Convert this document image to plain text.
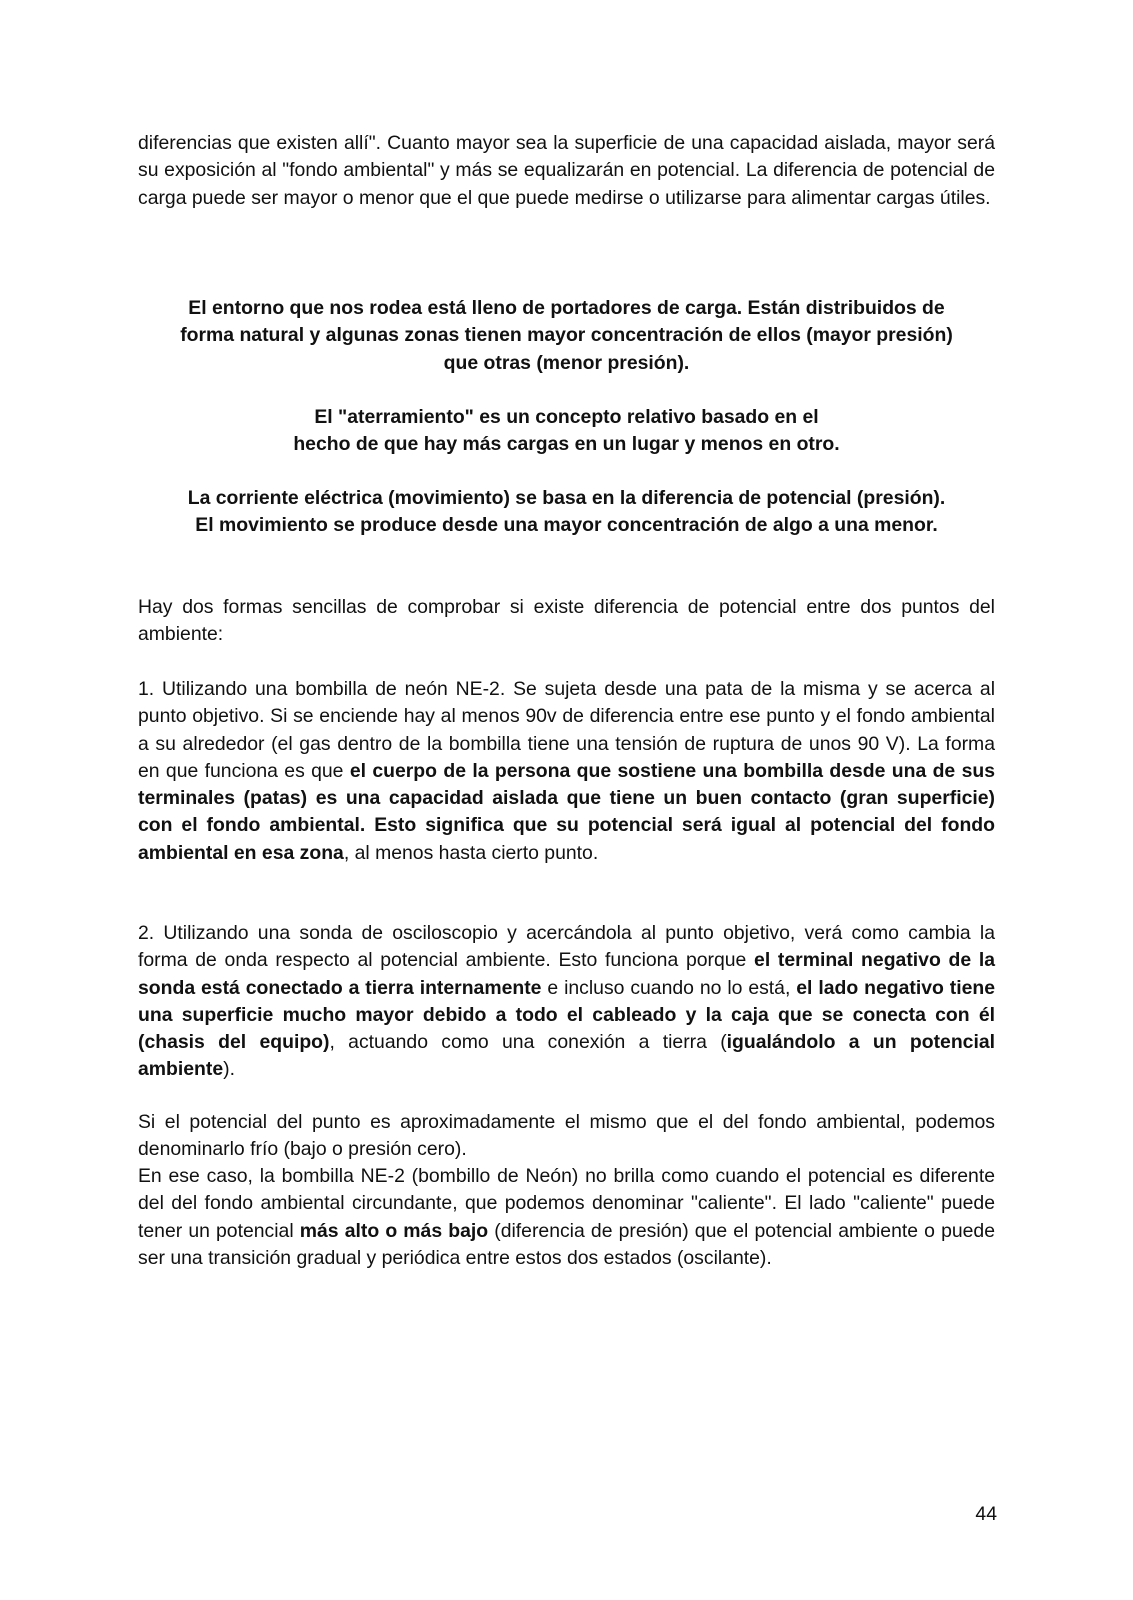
diferencias que existen allí". Cuanto mayor sea la superficie de una capacidad aislada, mayor será su exposición al "fondo ambiental" y más se equalizarán en potencial. La diferencia de potencial de carga puede ser mayor o menor que el que puede medirse o utilizarse para alimentar cargas útiles.

El entorno que nos rodea está lleno de portadores de carga. Están distribuidos de
forma natural y algunas zonas tienen mayor concentración de ellos (mayor presión)
que otras (menor presión).
El "aterramiento" es un concepto relativo basado en el
hecho de que hay más cargas en un lugar y menos en otro.
La corriente eléctrica (movimiento) se basa en la diferencia de potencial (presión).
El movimiento se produce desde una mayor concentración de algo a una menor.

Hay dos formas sencillas de comprobar si existe diferencia de potencial entre dos puntos del ambiente:

1. Utilizando una bombilla de neón NE-2. Se sujeta desde una pata de la misma y se acerca al punto objetivo. Si se enciende hay al menos 90v de diferencia entre ese punto y el fondo ambiental a su alrededor (el gas dentro de la bombilla tiene una tensión de ruptura de unos 90 V). La forma en que funciona es que el cuerpo de la persona que sostiene una bombilla desde una de sus terminales (patas) es una capacidad aislada que tiene un buen contacto (gran superficie) con el fondo ambiental. Esto significa que su potencial será igual al potencial del fondo ambiental en esa zona, al menos hasta cierto punto.

2. Utilizando una sonda de osciloscopio y acercándola al punto objetivo, verá como cambia la forma de onda respecto al potencial ambiente. Esto funciona porque el terminal negativo de la sonda está conectado a tierra internamente e incluso cuando no lo está, el lado negativo tiene una superficie mucho mayor debido a todo el cableado y la caja que se conecta con él (chasis del equipo), actuando como una conexión a tierra (igualándolo a un potencial ambiente).

Si el potencial del punto es aproximadamente el mismo que el del fondo ambiental, podemos denominarlo frío (bajo o presión cero).

En ese caso, la bombilla NE-2 (bombillo de Neón) no brilla como cuando el potencial es diferente del del fondo ambiental circundante, que podemos denominar "caliente". El lado "caliente" puede tener un potencial más alto o más bajo (diferencia de presión) que el potencial ambiente o puede ser una transición gradual y periódica entre estos dos estados (oscilante).

44
